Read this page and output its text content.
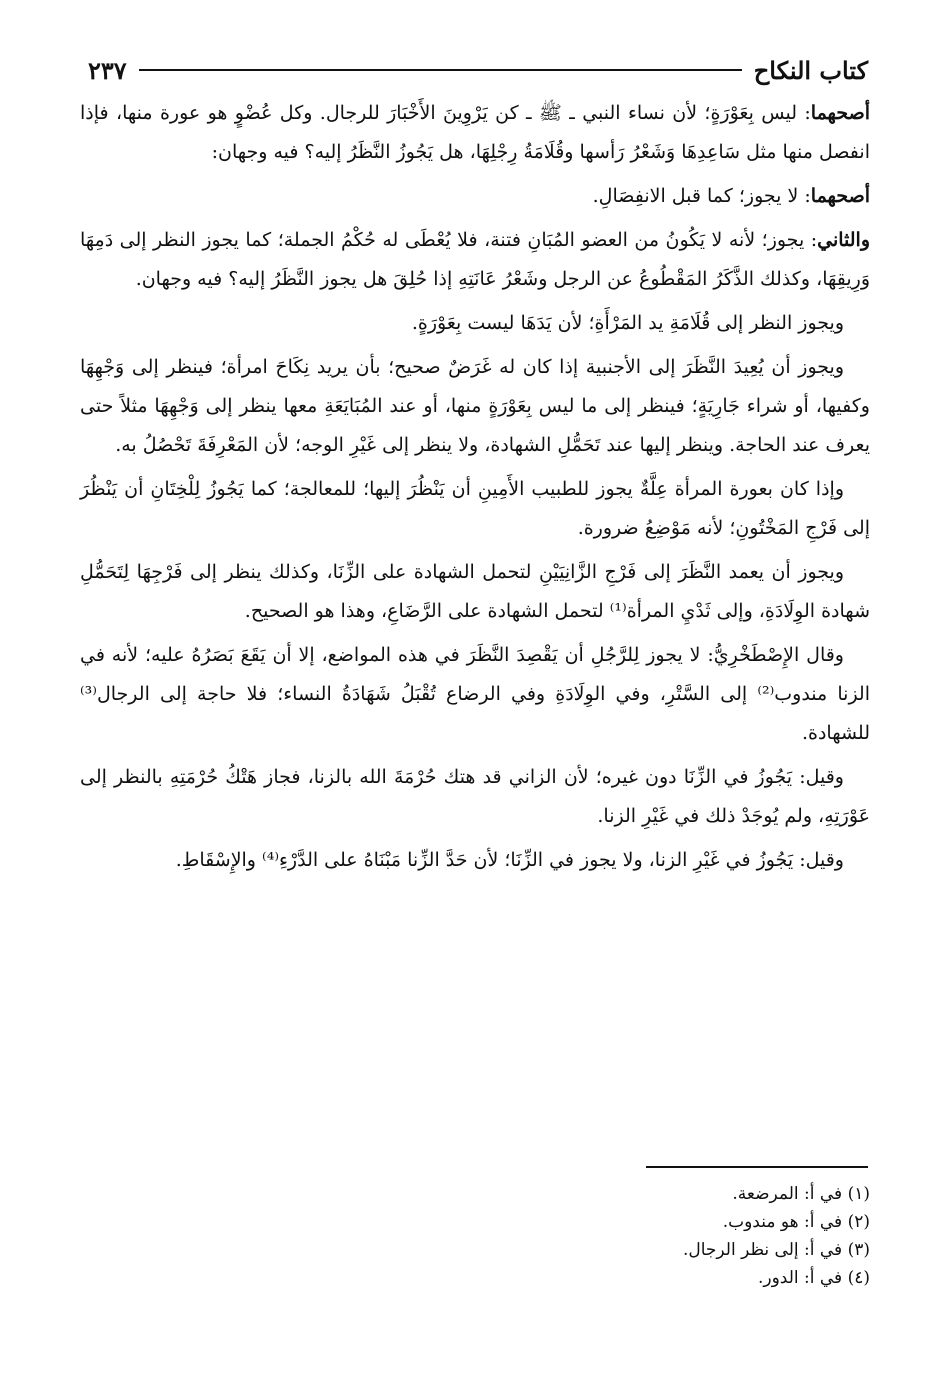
كتاب النكاح
٢٣٧

أصحهما: ليس بِعَوْرَةٍ؛ لأن نساء النبي ـ ﷺ ـ كن يَرْوِينَ الأَخْبَارَ للرجال. وكل عُضْوٍ هو عورة منها، فإذا انفصل منها مثل سَاعِدِهَا وَشَعْرُ رَأسها وقُلَامَةُ رِجْلِهَا، هل يَجُوزُ النَّظَرُ إليه؟ فيه وجهان:

أصحهما: لا يجوز؛ كما قبل الانفِصَالِ.

والثاني: يجوز؛ لأنه لا يَكُونُ من العضو المُبَانِ فتنة، فلا يُعْطَى له حُكْمُ الجملة؛ كما يجوز النظر إلى دَمِهَا وَرِيقِهَا، وكذلك الذَّكَرُ المَقْطُوعُ عن الرجل وشَعْرُ عَانَتِهِ إذا حُلِقَ هل يجوز النَّظَرُ إليه؟ فيه وجهان.

ويجوز النظر إلى قُلَامَةِ يد المَرْأَةِ؛ لأن يَدَهَا ليست بِعَوْرَةٍ.

ويجوز أن يُعِيدَ النَّظَرَ إلى الأجنبية إذا كان له غَرَضٌ صحيح؛ بأن يريد نِكَاحَ امرأة؛ فينظر إلى وَجْهِهَا وكفيها، أو شراء جَارِيَةٍ؛ فينظر إلى ما ليس بِعَوْرَةٍ منها، أو عند المُبَايَعَةِ معها ينظر إلى وَجْهِهَا مثلاً حتى يعرف عند الحاجة. وينظر إليها عند تَحَمُّلِ الشهادة، ولا ينظر إلى غَيْرِ الوجه؛ لأن المَعْرِفَةَ تَحْصُلُ به.

وإذا كان بعورة المرأة عِلَّةٌ يجوز للطبيب الأَمِينِ أن يَنْظُرَ إليها؛ للمعالجة؛ كما يَجُوزُ لِلْخِتَانِ أن يَنْظُرَ إلى فَرْجِ المَخْتُونِ؛ لأنه مَوْضِعُ ضرورة.

ويجوز أن يعمد النَّظَرَ إلى فَرْجِ الزَّانِيَيْنِ لتحمل الشهادة على الزِّنَا، وكذلك ينظر إلى فَرْجِهَا لِتَحَمُّلِ شهادة الوِلَادَةِ، وإلى ثَدْيِ المرأة⁽¹⁾ لتحمل الشهادة على الرَّضَاعِ، وهذا هو الصحيح.

وقال الإِصْطَخْرِيُّ: لا يجوز لِلرَّجُلِ أن يَقْصِدَ النَّظَرَ في هذه المواضع، إلا أن يَقَعَ بَصَرُهُ عليه؛ لأنه في الزنا مندوب⁽²⁾ إلى السَّتْرِ، وفي الوِلَادَةِ وفي الرضاع تُقْبَلُ شَهَادَةُ النساء؛ فلا حاجة إلى الرجال⁽³⁾ للشهادة.

وقيل: يَجُوزُ في الزِّنَا دون غيره؛ لأن الزاني قد هتك حُرْمَةَ الله بالزنا، فجاز هَتْكُ حُرْمَتِهِ بالنظر إلى عَوْرَتِهِ، ولم يُوجَدْ ذلك في غَيْرِ الزنا.

وقيل: يَجُوزُ في غَيْرِ الزنا، ولا يجوز في الزِّنَا؛ لأن حَدَّ الزِّنا مَبْنَاهُ على الدَّرْءِ⁽⁴⁾ والإِسْقَاطِ.

(١) في أ: المرضعة.

(٢) في أ: هو مندوب.

(٣) في أ: إلى نظر الرجال.

(٤) في أ: الدور.
